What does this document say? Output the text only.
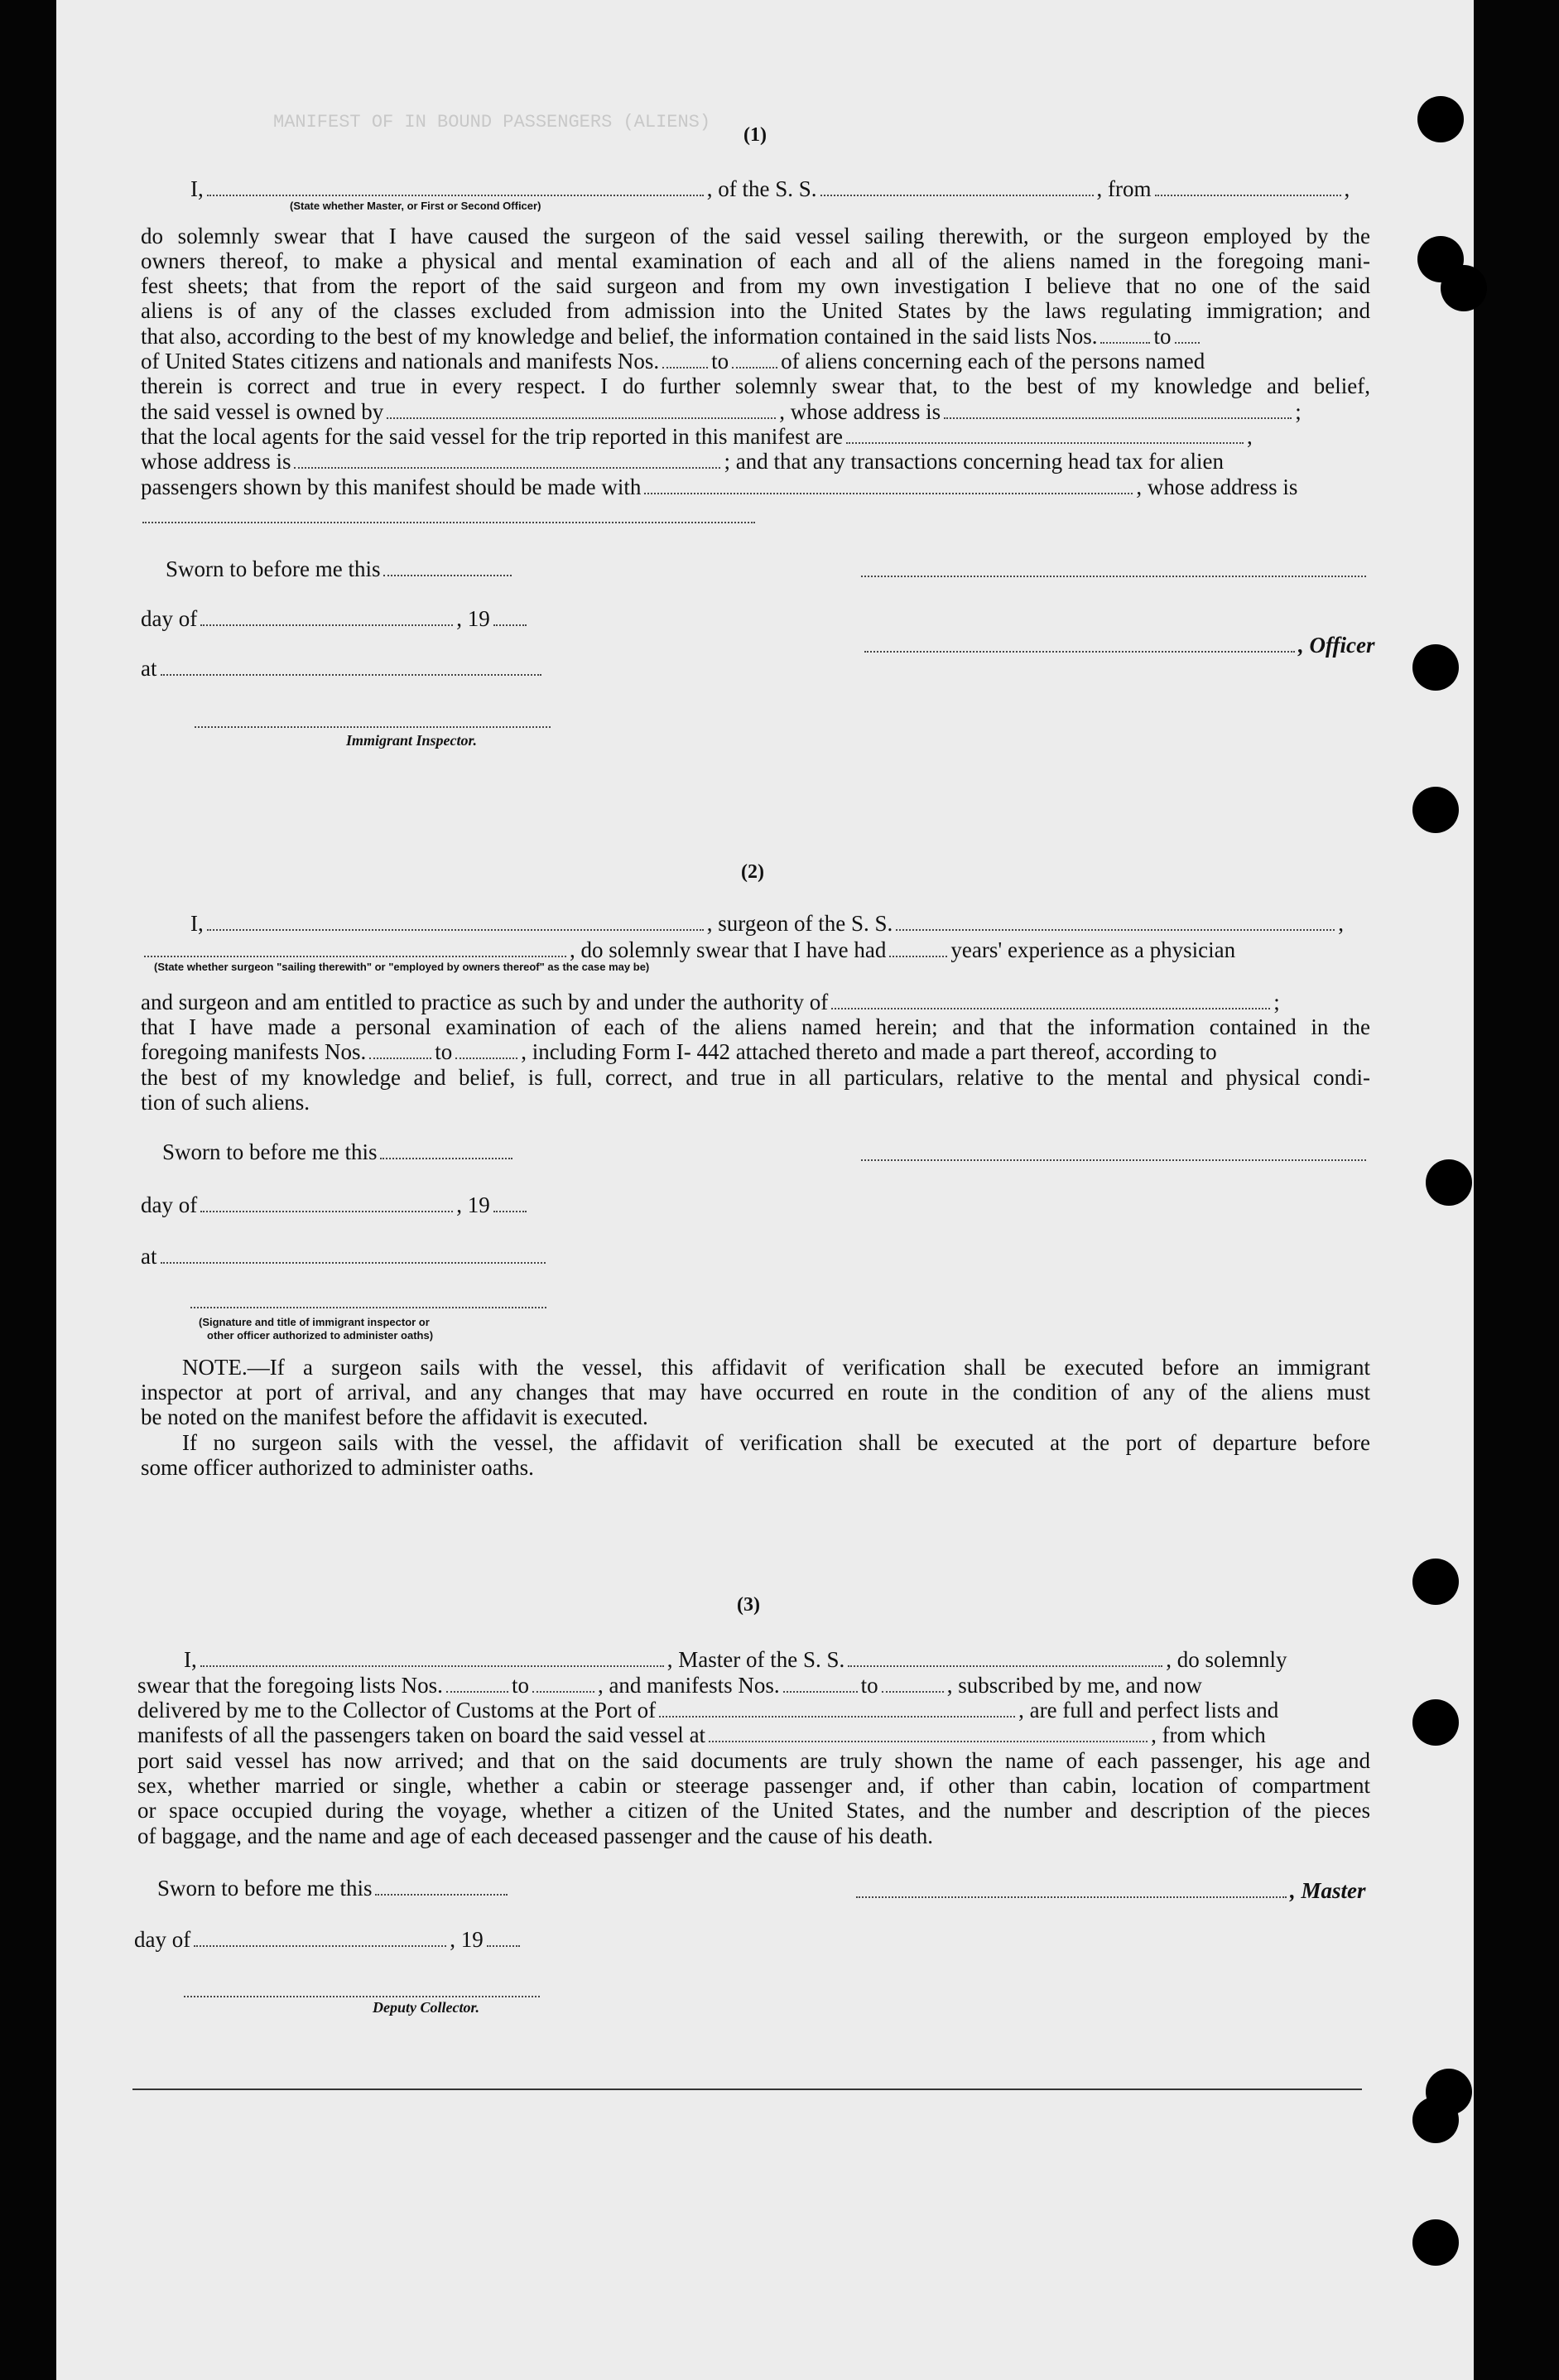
MANIFEST OF IN BOUND PASSENGERS (ALIENS)
(1)
I,	, of the S. S.	, from	,
(State whether Master, or First or Second Officer)
do solemnly swear that I have caused the surgeon of the said vessel sailing therewith, or the surgeon employed by the
owners thereof, to make a physical and mental examination of each and all of the aliens named in the foregoing mani-
fest sheets; that from the report of the said surgeon and from my own investigation I believe that no one of the said
aliens is of any of the classes excluded from admission into the United States by the laws regulating immigration; and
that also, according to the best of my knowledge and belief, the information contained in the said lists Nos.	to
of United States citizens and nationals and manifests Nos. to of aliens concerning each of the persons named
therein is correct and true in every respect. I do further solemnly swear that, to the best of my knowledge and belief,
the said vessel is owned by	, whose address is	;
that the local agents for the said vessel for the trip reported in this manifest are	,
whose address is	; and that any transactions concerning head tax for alien
passengers shown by this manifest should be made with	, whose address is
Sworn to before me this
day of	, 19
, Officer
at
Immigrant Inspector.
(2)
I,	, surgeon of the S. S.	,
, do solemnly swear that I have had	years' experience as a physician
(State whether surgeon "sailing therewith" or "employed by owners thereof" as the case may be)
and surgeon and am entitled to practice as such by and under the authority of	;
that I have made a personal examination of each of the aliens named herein; and that the information contained in the
foregoing manifests Nos.	to	, including Form I- 442 attached thereto and made a part thereof, according to
the best of my knowledge and belief, is full, correct, and true in all particulars, relative to the mental and physical condi-
tion of such aliens.
Sworn to before me this
day of	, 19
at
(Signature and title of immigrant inspector or
other officer authorized to administer oaths)
NOTE.—If a surgeon sails with the vessel, this affidavit of verification shall be executed before an immigrant
inspector at port of arrival, and any changes that may have occurred en route in the condition of any of the aliens must
be noted on the manifest before the affidavit is executed.
If no surgeon sails with the vessel, the affidavit of verification shall be executed at the port of departure before
some officer authorized to administer oaths.
(3)
I,	, Master of the S. S.	, do solemnly
swear that the foregoing lists Nos.	to	, and manifests Nos.	to	, subscribed by me, and now
delivered by me to the Collector of Customs at the Port of	, are full and perfect lists and
manifests of all the passengers taken on board the said vessel at	, from which
port said vessel has now arrived; and that on the said documents are truly shown the name of each passenger, his age and
sex, whether married or single, whether a cabin or steerage passenger and, if other than cabin, location of compartment
or space occupied during the voyage, whether a citizen of the United States, and the number and description of the pieces
of baggage, and the name and age of each deceased passenger and the cause of his death.
Sworn to before me this	, Master
day of	, 19
Deputy Collector.
